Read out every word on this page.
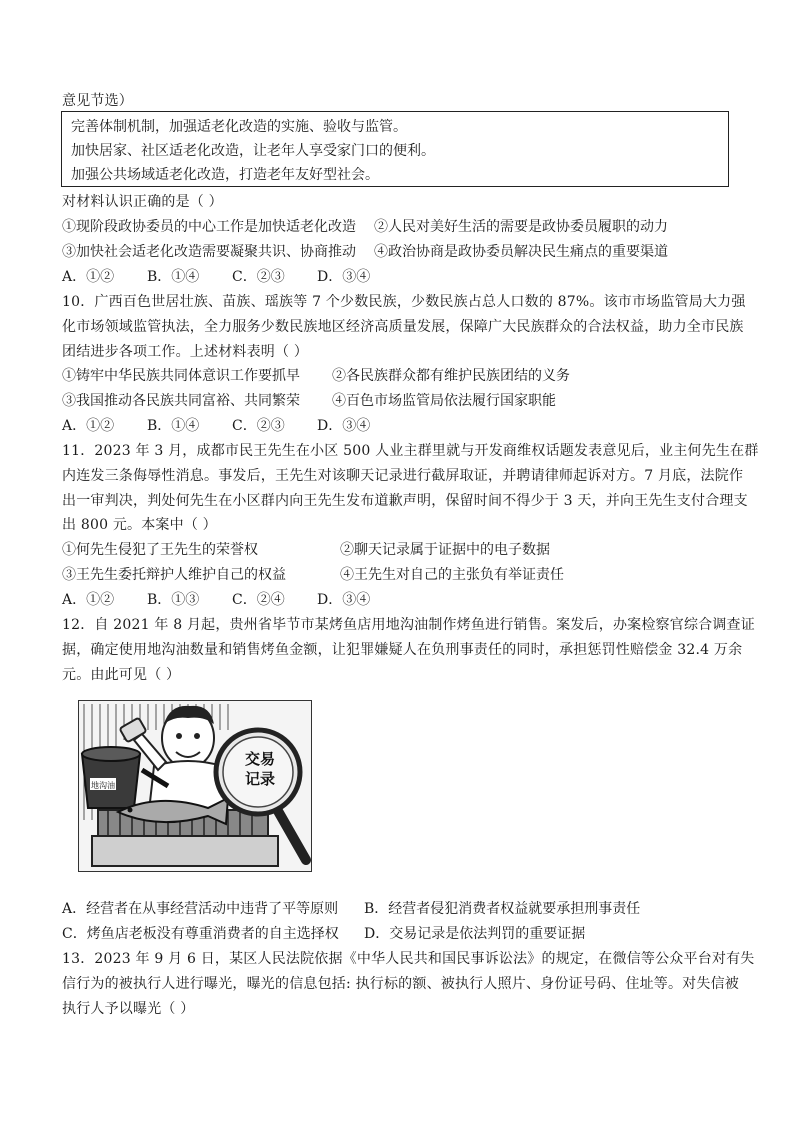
意见节选）
完善体制机制，加强适老化改造的实施、验收与监管。
加快居家、社区适老化改造，让老年人享受家门口的便利。
加强公共场域适老化改造，打造老年友好型社会。
对材料认识正确的是（ ）
①现阶段政协委员的中心工作是加快适老化改造 ②人民对美好生活的需要是政协委员履职的动力
③加快社会适老化改造需要凝聚共识、协商推动 ④政治协商是政协委员解决民生痛点的重要渠道
A．①② B．①④ C．②③ D．③④
10．广西百色世居壮族、苗族、瑶族等 7 个少数民族，少数民族占总人口数的 87%。该市市场监管局大力强
化市场领域监管执法，全力服务少数民族地区经济高质量发展，保障广大民族群众的合法权益，助力全市民族
团结进步各项工作。上述材料表明（ ）
①铸牢中华民族共同体意识工作要抓早 ②各民族群众都有维护民族团结的义务
③我国推动各民族共同富裕、共同繁荣 ④百色市场监管局依法履行国家职能
A．①② B．①④ C．②③ D．③④
11．2023 年 3 月，成都市民王先生在小区 500 人业主群里就与开发商维权话题发表意见后，业主何先生在群
内连发三条侮辱性消息。事发后，王先生对该聊天记录进行截屏取证，并聘请律师起诉对方。7 月底，法院作
出一审判决，判处何先生在小区群内向王先生发布道歉声明，保留时间不得少于 3 天，并向王先生支付合理支
出 800 元。本案中（ ）
①何先生侵犯了王先生的荣誉权	②聊天记录属于证据中的电子数据
③王先生委托辩护人维护自己的权益	④王先生对自己的主张负有举证责任
A．①② B．①③ C．②④ D．③④
12．自 2021 年 8 月起，贵州省毕节市某烤鱼店用地沟油制作烤鱼进行销售。案发后，办案检察官综合调查证
据，确定使用地沟油数量和销售烤鱼金额，让犯罪嫌疑人在负刑事责任的同时，承担惩罚性赔偿金 32.4 万余
元。由此可见（ ）
地沟油
交易
记录
A．经营者在从事经营活动中违背了平等原则 B．经营者侵犯消费者权益就要承担刑事责任
C．烤鱼店老板没有尊重消费者的自主选择权 D．交易记录是依法判罚的重要证据
13．2023 年 9 月 6 日，某区人民法院依据《中华人民共和国民事诉讼法》的规定，在微信等公众平台对有失
信行为的被执行人进行曝光，曝光的信息包括: 执行标的额、被执行人照片、身份证号码、住址等。对失信被
执行人予以曝光（ ）
